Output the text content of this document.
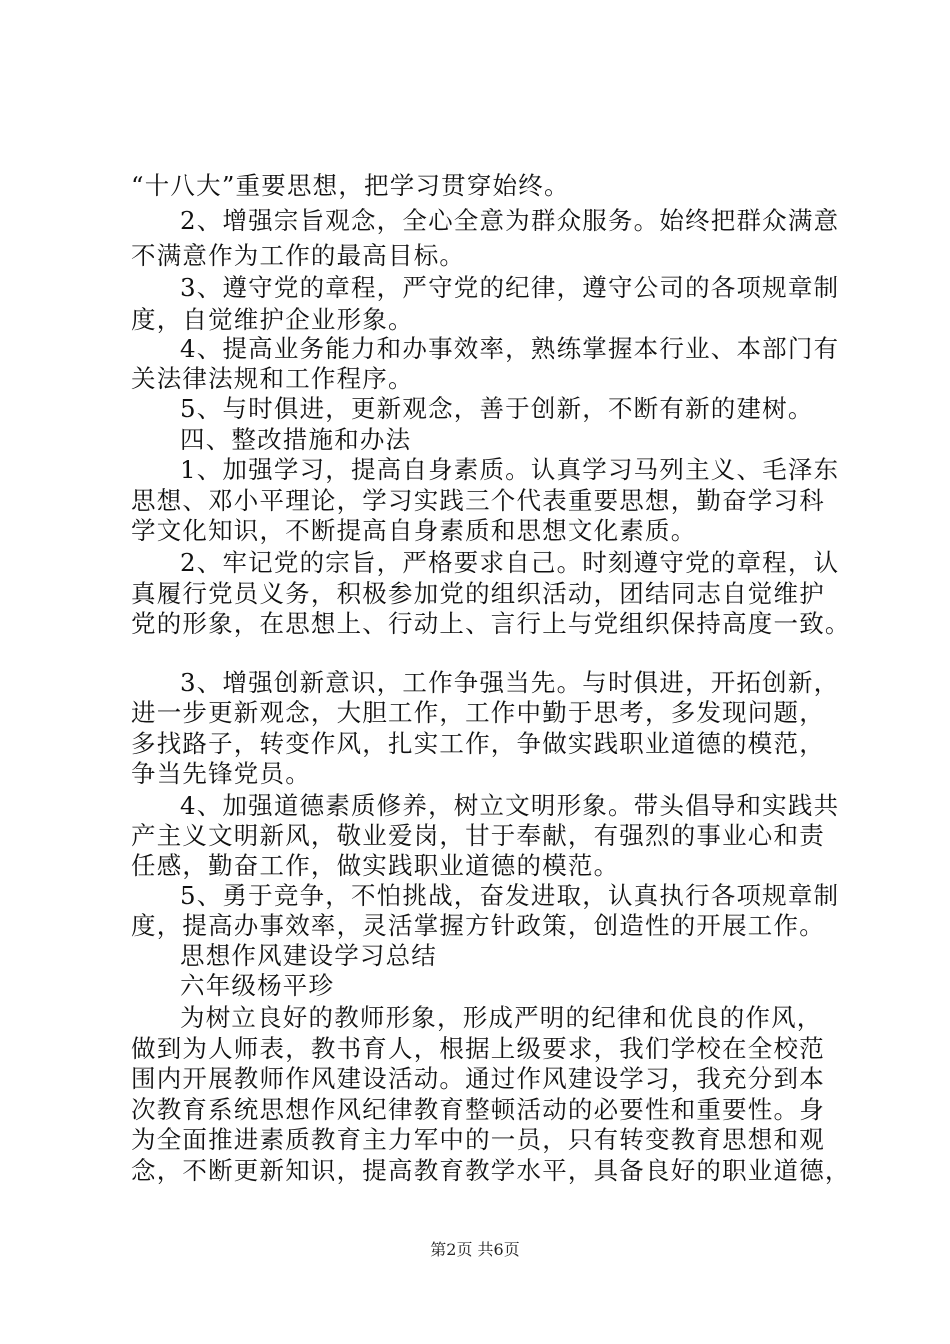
“十八大”重要思想，把学习贯穿始终。
2、增强宗旨观念，全心全意为群众服务。始终把群众满意
不满意作为工作的最高目标。
3、遵守党的章程，严守党的纪律，遵守公司的各项规章制
度，自觉维护企业形象。
4、提高业务能力和办事效率，熟练掌握本行业、本部门有
关法律法规和工作程序。
5、与时俱进，更新观念，善于创新，不断有新的建树。
四、整改措施和办法
1、加强学习，提高自身素质。认真学习马列主义、毛泽东
思想、邓小平理论，学习实践三个代表重要思想，勤奋学习科
学文化知识，不断提高自身素质和思想文化素质。
2、牢记党的宗旨，严格要求自己。时刻遵守党的章程，认
真履行党员义务，积极参加党的组织活动，团结同志自觉维护
党的形象，在思想上、行动上、言行上与党组织保持高度一致。
3、增强创新意识，工作争强当先。与时俱进，开拓创新，
进一步更新观念，大胆工作，工作中勤于思考，多发现问题，
多找路子，转变作风，扎实工作，争做实践职业道德的模范，
争当先锋党员。
4、加强道德素质修养，树立文明形象。带头倡导和实践共
产主义文明新风，敬业爱岗，甘于奉献，有强烈的事业心和责
任感，勤奋工作，做实践职业道德的模范。
5、勇于竞争，不怕挑战，奋发进取，认真执行各项规章制
度，提高办事效率，灵活掌握方针政策，创造性的开展工作。
思想作风建设学习总结
六年级杨平珍
为树立良好的教师形象，形成严明的纪律和优良的作风，
做到为人师表，教书育人，根据上级要求，我们学校在全校范
围内开展教师作风建设活动。通过作风建设学习，我充分到本
次教育系统思想作风纪律教育整顿活动的必要性和重要性。身
为全面推进素质教育主力军中的一员，只有转变教育思想和观
念，不断更新知识，提高教育教学水平，具备良好的职业道德，
第2页 共6页
